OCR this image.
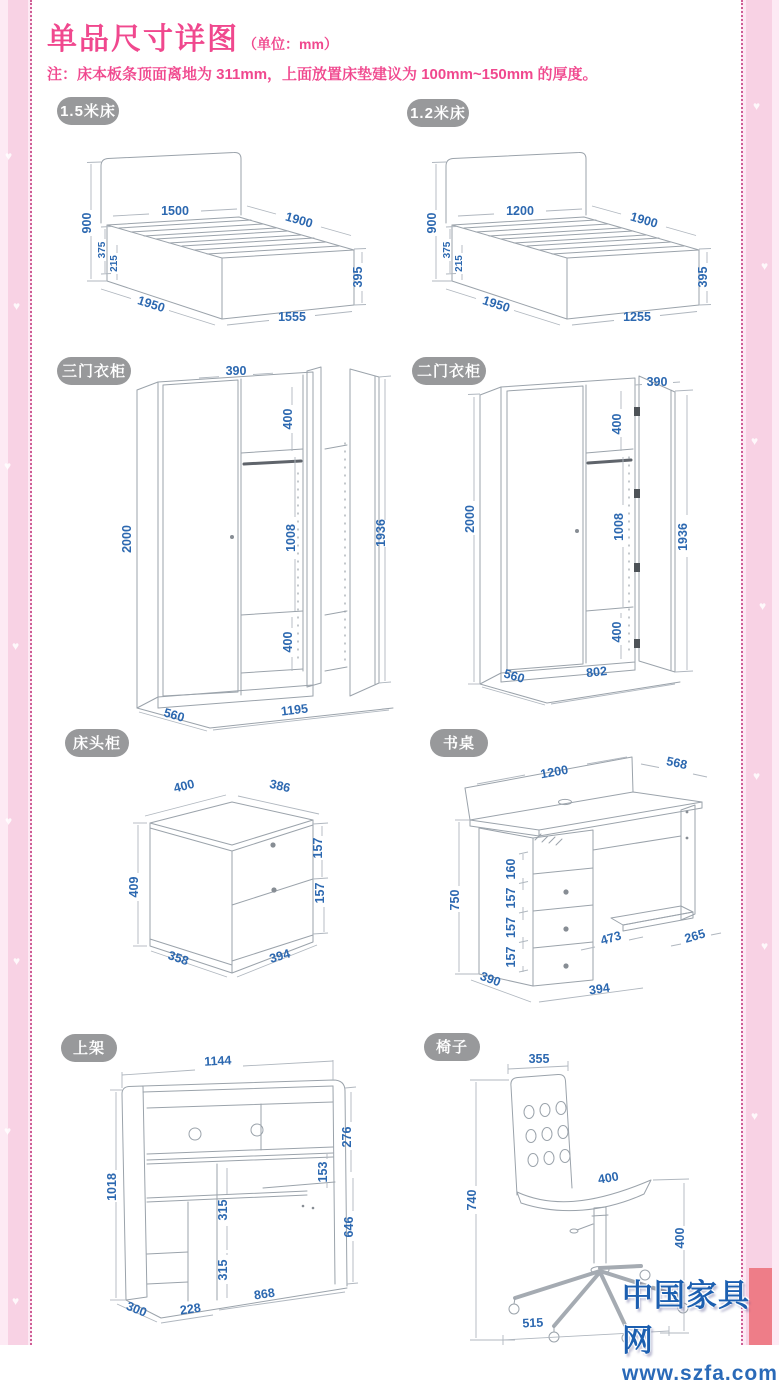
♥
♥
♥
♥
♥
♥
♥
♥
♥
♥
♥
♥
♥
♥
♥
单品尺寸详图 （单位：mm）
注：床本板条顶面离地为 311mm，上面放置床垫建议为 100mm~150mm 的厚度。
1.5米床	1.2米床
三门衣柜	二门衣柜
床头柜	书桌
上架	椅子
900
375
215
1500	1900
395
1950
1555
900
375
215
1200	1900
395
1950
1255
390
2000
400
1008
400
1936
560	1195
390
2000
400
1008
400
1936
560	802
400	386
409
157
157
358	394
1200	568
750
160
157
157
157
473	265
390	394
1144
276
153
646
1018
315
315
868
228
300
355
740
400
400
515
中国家具网
www.szfa.com
